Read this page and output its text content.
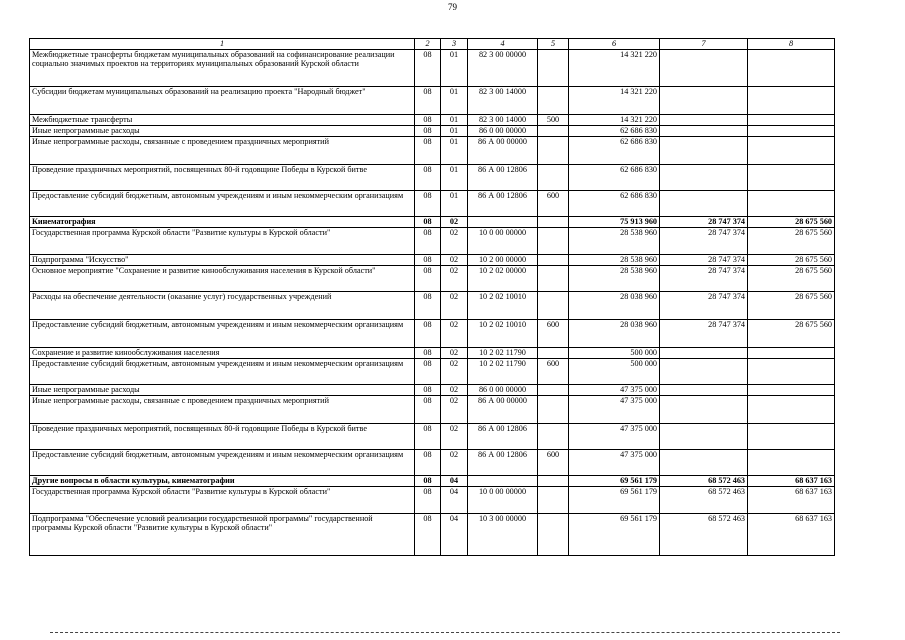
79
1	2	3	4	5	6	7	8
Межбюджетные трансферты бюджетам муниципальных образований на софинансирование реализации социально значимых проектов на территориях муниципальных образований Курской области	08	01	82 3 00 00000		14 321 220		
Субсидии бюджетам муниципальных образований на реализацию проекта "Народный бюджет"	08	01	82 3 00 14000		14 321 220		
Межбюджетные трансферты	08	01	82 3 00 14000	500	14 321 220		
Иные непрограммные расходы	08	01	86 0 00 00000		62 686 830		
Иные непрограммные расходы, связанные с проведением праздничных мероприятий	08	01	86 А 00 00000		62 686 830		
Проведение праздничных мероприятий, посвященных 80-й годовщине Победы в Курской битве	08	01	86 А 00 12806		62 686 830		
Предоставление субсидий бюджетным, автономным учреждениям и иным некоммерческим организациям	08	01	86 А 00 12806	600	62 686 830		
Кинематография	08	02			75 913 960	28 747 374	28 675 560
Государственная программа Курской области "Развитие культуры в Курской области"	08	02	10 0 00 00000		28 538 960	28 747 374	28 675 560
Подпрограмма "Искусство"	08	02	10 2 00 00000		28 538 960	28 747 374	28 675 560
Основное мероприятие "Сохранение и развитие кинообслуживания населения в Курской области"	08	02	10 2 02 00000		28 538 960	28 747 374	28 675 560
Расходы на обеспечение деятельности (оказание услуг) государственных учреждений	08	02	10 2 02 10010		28 038 960	28 747 374	28 675 560
Предоставление субсидий бюджетным, автономным учреждениям и иным некоммерческим организациям	08	02	10 2 02 10010	600	28 038 960	28 747 374	28 675 560
Сохранение и развитие кинообслуживания населения	08	02	10 2 02 11790		500 000		
Предоставление субсидий бюджетным, автономным учреждениям и иным некоммерческим организациям	08	02	10 2 02 11790	600	500 000		
Иные непрограммные расходы	08	02	86 0 00 00000		47 375 000		
Иные непрограммные расходы, связанные с проведением праздничных мероприятий	08	02	86 А 00 00000		47 375 000		
Проведение праздничных мероприятий, посвященных 80-й годовщине Победы в Курской битве	08	02	86 А 00 12806		47 375 000		
Предоставление субсидий бюджетным, автономным учреждениям и иным некоммерческим организациям	08	02	86 А 00 12806	600	47 375 000		
Другие вопросы в области культуры, кинематографии	08	04			69 561 179	68 572 463	68 637 163
Государственная программа Курской области "Развитие культуры в Курской области"	08	04	10 0 00 00000		69 561 179	68 572 463	68 637 163
Подпрограмма "Обеспечение условий реализации государственной программы" государственной программы Курской области "Развитие культуры в Курской области"	08	04	10 3 00 00000		69 561 179	68 572 463	68 637 163
